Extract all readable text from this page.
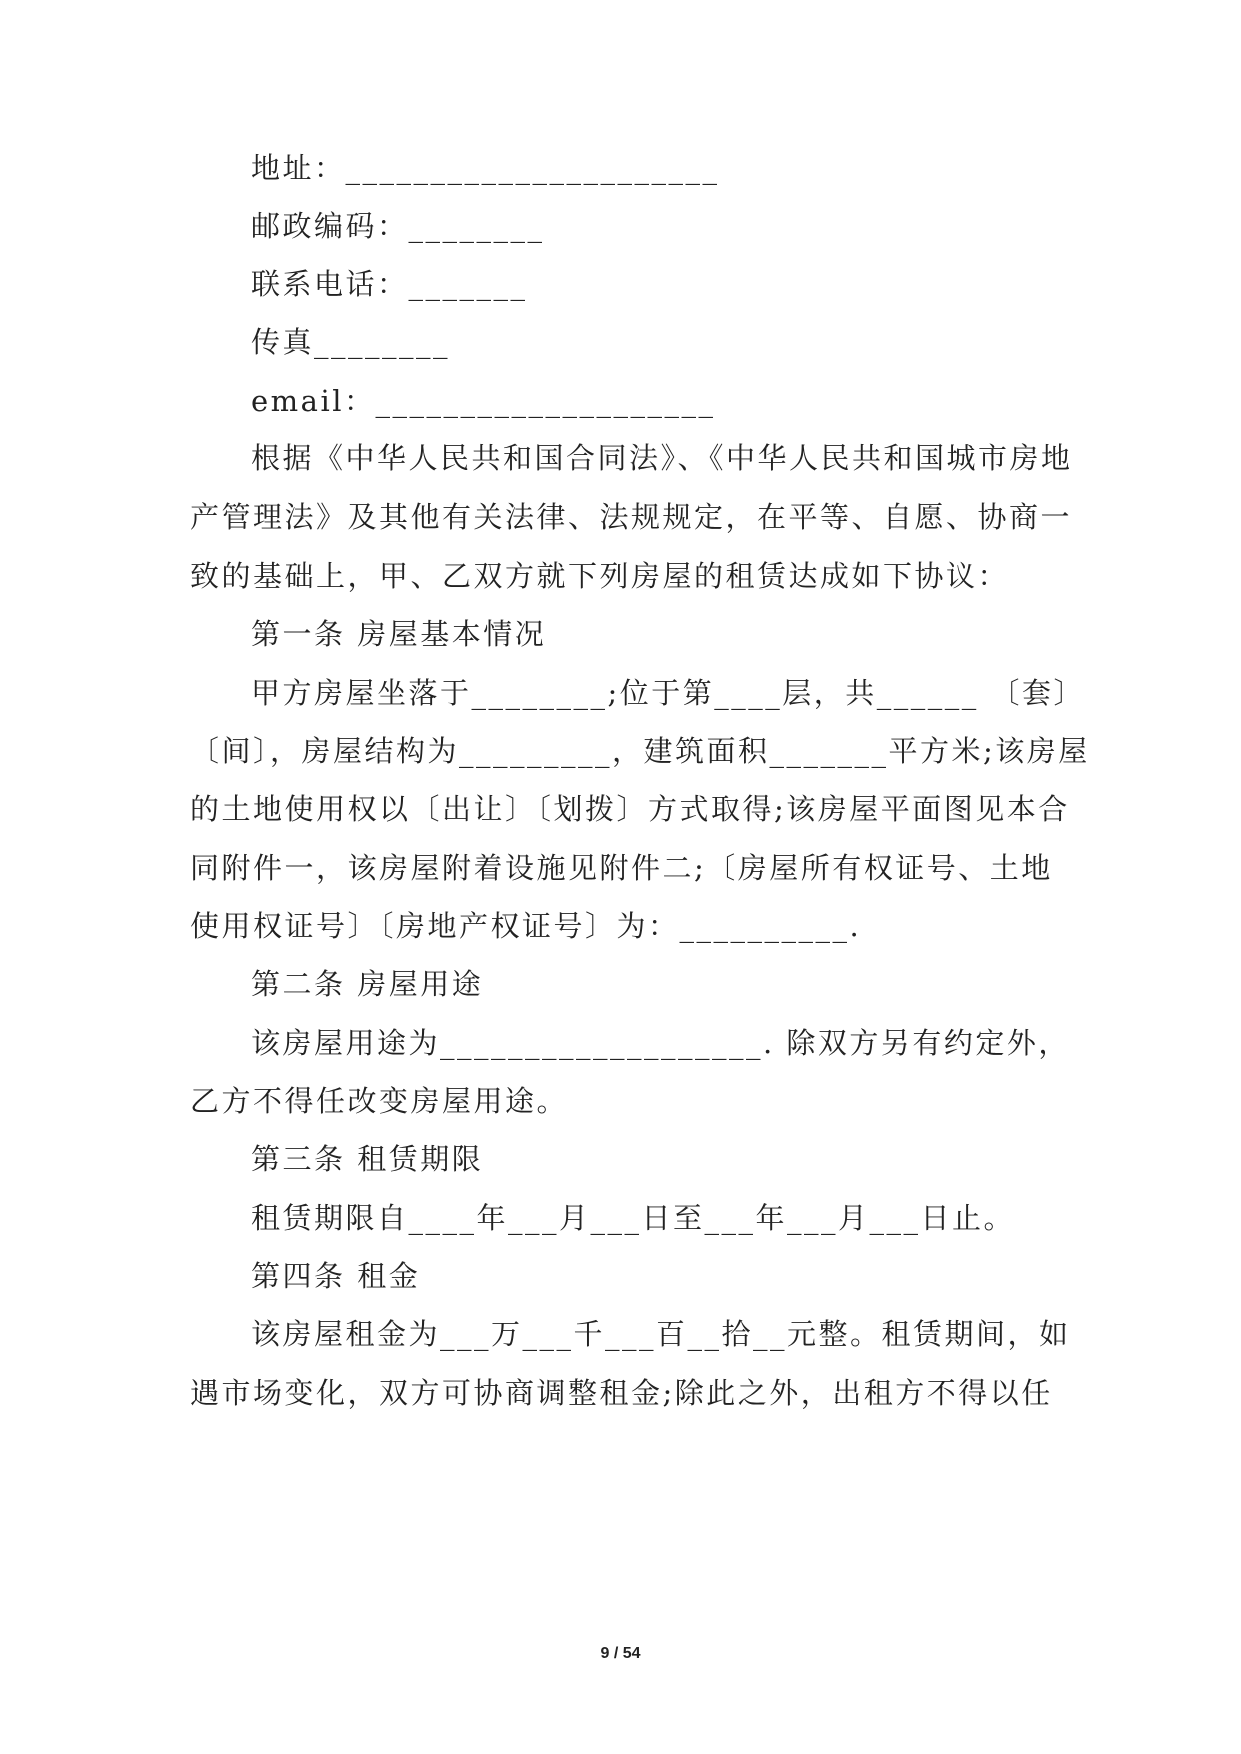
地址：______________________
邮政编码：________
联系电话：_______
传真________
email：____________________
根据《中华人民共和国合同法》、《中华人民共和国城市房地
产管理法》及其他有关法律、法规规定，在平等、自愿、协商一
致的基础上，甲、乙双方就下列房屋的租赁达成如下协议：
第一条 房屋基本情况
甲方房屋坐落于________;位于第____层，共______ 〔套〕
〔间〕，房屋结构为_________，建筑面积_______平方米;该房屋
的土地使用权以〔出让〕〔划拨〕方式取得;该房屋平面图见本合
同附件一，该房屋附着设施见附件二;〔房屋所有权证号、土地
使用权证号〕〔房地产权证号〕为：__________.
第二条 房屋用途
该房屋用途为___________________. 除双方另有约定外，
乙方不得任改变房屋用途。
第三条 租赁期限
租赁期限自____年___月___日至___年___月___日止。
第四条 租金
该房屋租金为___万___千___百__拾__元整。租赁期间，如
遇市场变化，双方可协商调整租金;除此之外，出租方不得以任
9 / 54
